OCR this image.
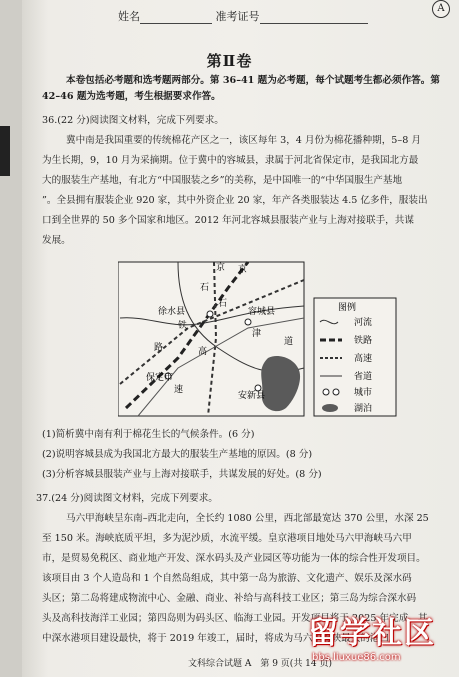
姓名	准考证号
A
第Ⅱ卷
本卷包括必考题和选考题两部分。第 36–41 题为必考题，每个试题考生都必须作答。第
42–46 题为选考题，考生根据要求作答。
36.(22 分)阅读图文材料，完成下列要求。
冀中南是我国重要的传统棉花产区之一，该区每年 3，4 月份为棉花播种期，5–8 月
为生长期，9，10 月为采摘期。位于冀中的容城县，隶属于河北省保定市，是我国北方最
大的服装生产基地，有北方“中国服装之乡”的美称，是中国唯一的“中华国服生产基地
”。全县拥有服装企业 920 家，其中外资企业 20 家，年产各类服装达 4.5 亿多件，服装出
口到全世界的 50 多个国家和地区。2012 年河北容城县服装产业与上海对接联手，共谋
发展。
京 京
石
石
徐水县	容城县
铁
路	高
津
保定市
速
安新县
道
图例
河流
铁路
高速
省道
城市
湖泊
(1)简析冀中南有利于棉花生长的气候条件。(6 分)
(2)说明容城县成为我国北方最大的服装生产基地的原因。(8 分)
(3)分析容城县服装产业与上海对接联手，共谋发展的好处。(8 分)
37.(24 分)阅读图文材料，完成下列要求。
马六甲海峡呈东南–西北走向，全长约 1080 公里，西北部最宽达 370 公里，水深 25
至 150 米。海峡底质平坦，多为泥沙质，水流平缓。皇京港项目地处马六甲海峡马六甲
市，是贸易免税区、商业地产开发、深水码头及产业园区等功能为一体的综合性开发项目。
该项目由 3 个人造岛和 1 个自然岛组成，其中第一岛为旅游、文化遗产、娱乐及深水码
头区；第二岛将建成物流中心、金融、商业、补给与高科技工业区；第三岛为综合深水码
头及高科技海洋工业园；第四岛则为码头区、临海工业园。开发项目将于 2025 年完成，其
中深水港项目建设最快，将于 2019 年竣工，届时，将成为马六甲海峡最大的港口。
文科综合试题 A　第 9 页(共 14 页)
留学社区
bbs.liuxue86.com
